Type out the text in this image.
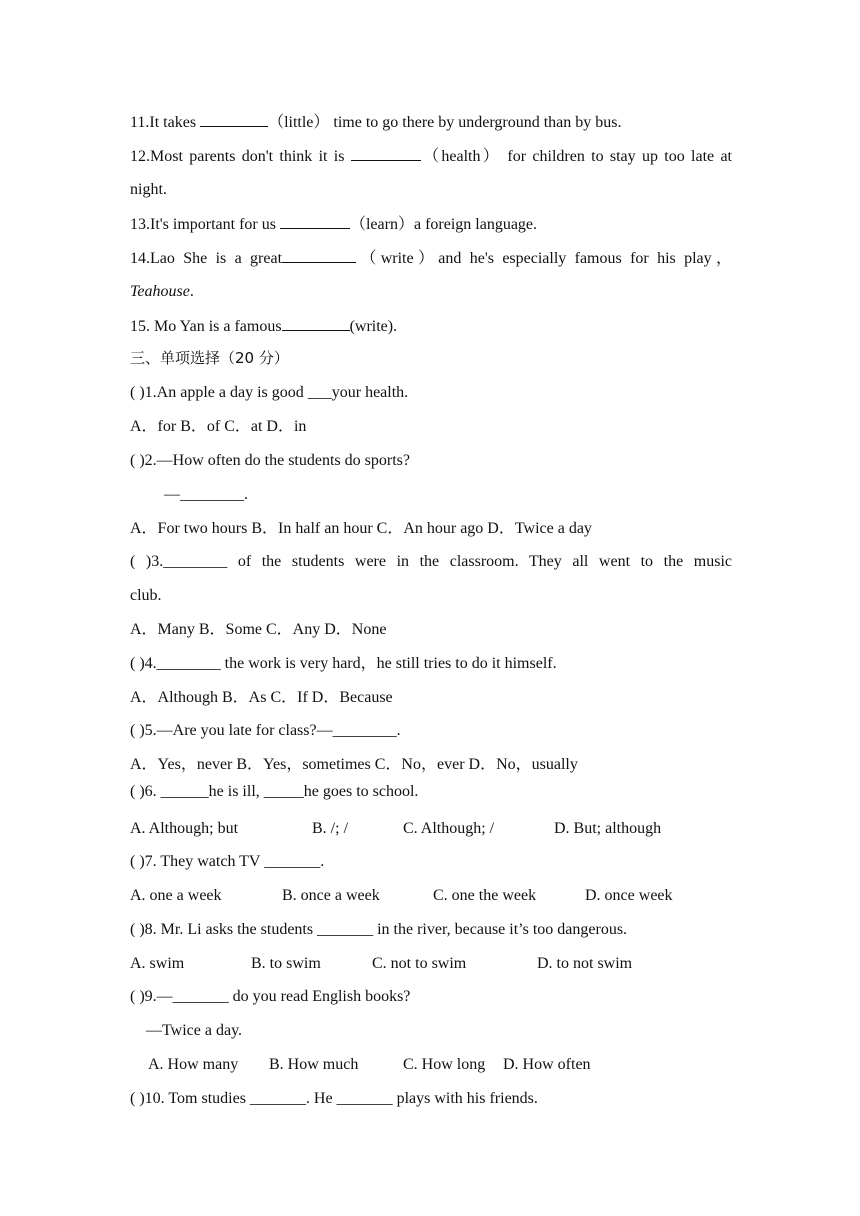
11.It takes	（little） time to go there by underground than by bus.
12.Most parents don't think it is	（health） for children to stay up too late at
night.
13.It's important for us	（learn）a foreign language.
14.Lao She is a great	（write）and he's especially famous for his play，
Teahouse.
15. Mo Yan is a famous	(write).
三、单项选择（20 分）
( )1.An apple a day is good ___your health.
A．for B．of C．at D．in
( )2.—How often do the students do sports?
—________.
A．For two hours B．In half an hour C．An hour ago D．Twice a day
( )3.________ of the students were in the classroom. They all went to the music
club.
A．Many B．Some C．Any D．None
( )4.________ the work is very hard，he still tries to do it himself.
A．Although B．As C．If D．Because
( )5.—Are you late for class?—________.
A．Yes，never B．Yes，sometimes C．No，ever D．No，usually
( )6. ______he is ill, _____he goes to school.
A. Although; but	B. /; /	C. Although; /	D. But; although
( )7. They watch TV _______.
A. one a week	B. once a week	C. one the week	D. once week
( )8. Mr. Li asks the students _______ in the river, because it’s too dangerous.
A. swim	B. to swim	C. not to swim	D. to not swim
( )9.—_______ do you read English books?
—Twice a day.
A. How many B. How much	C. How long D. How often
( )10. Tom studies _______. He _______ plays with his friends.
